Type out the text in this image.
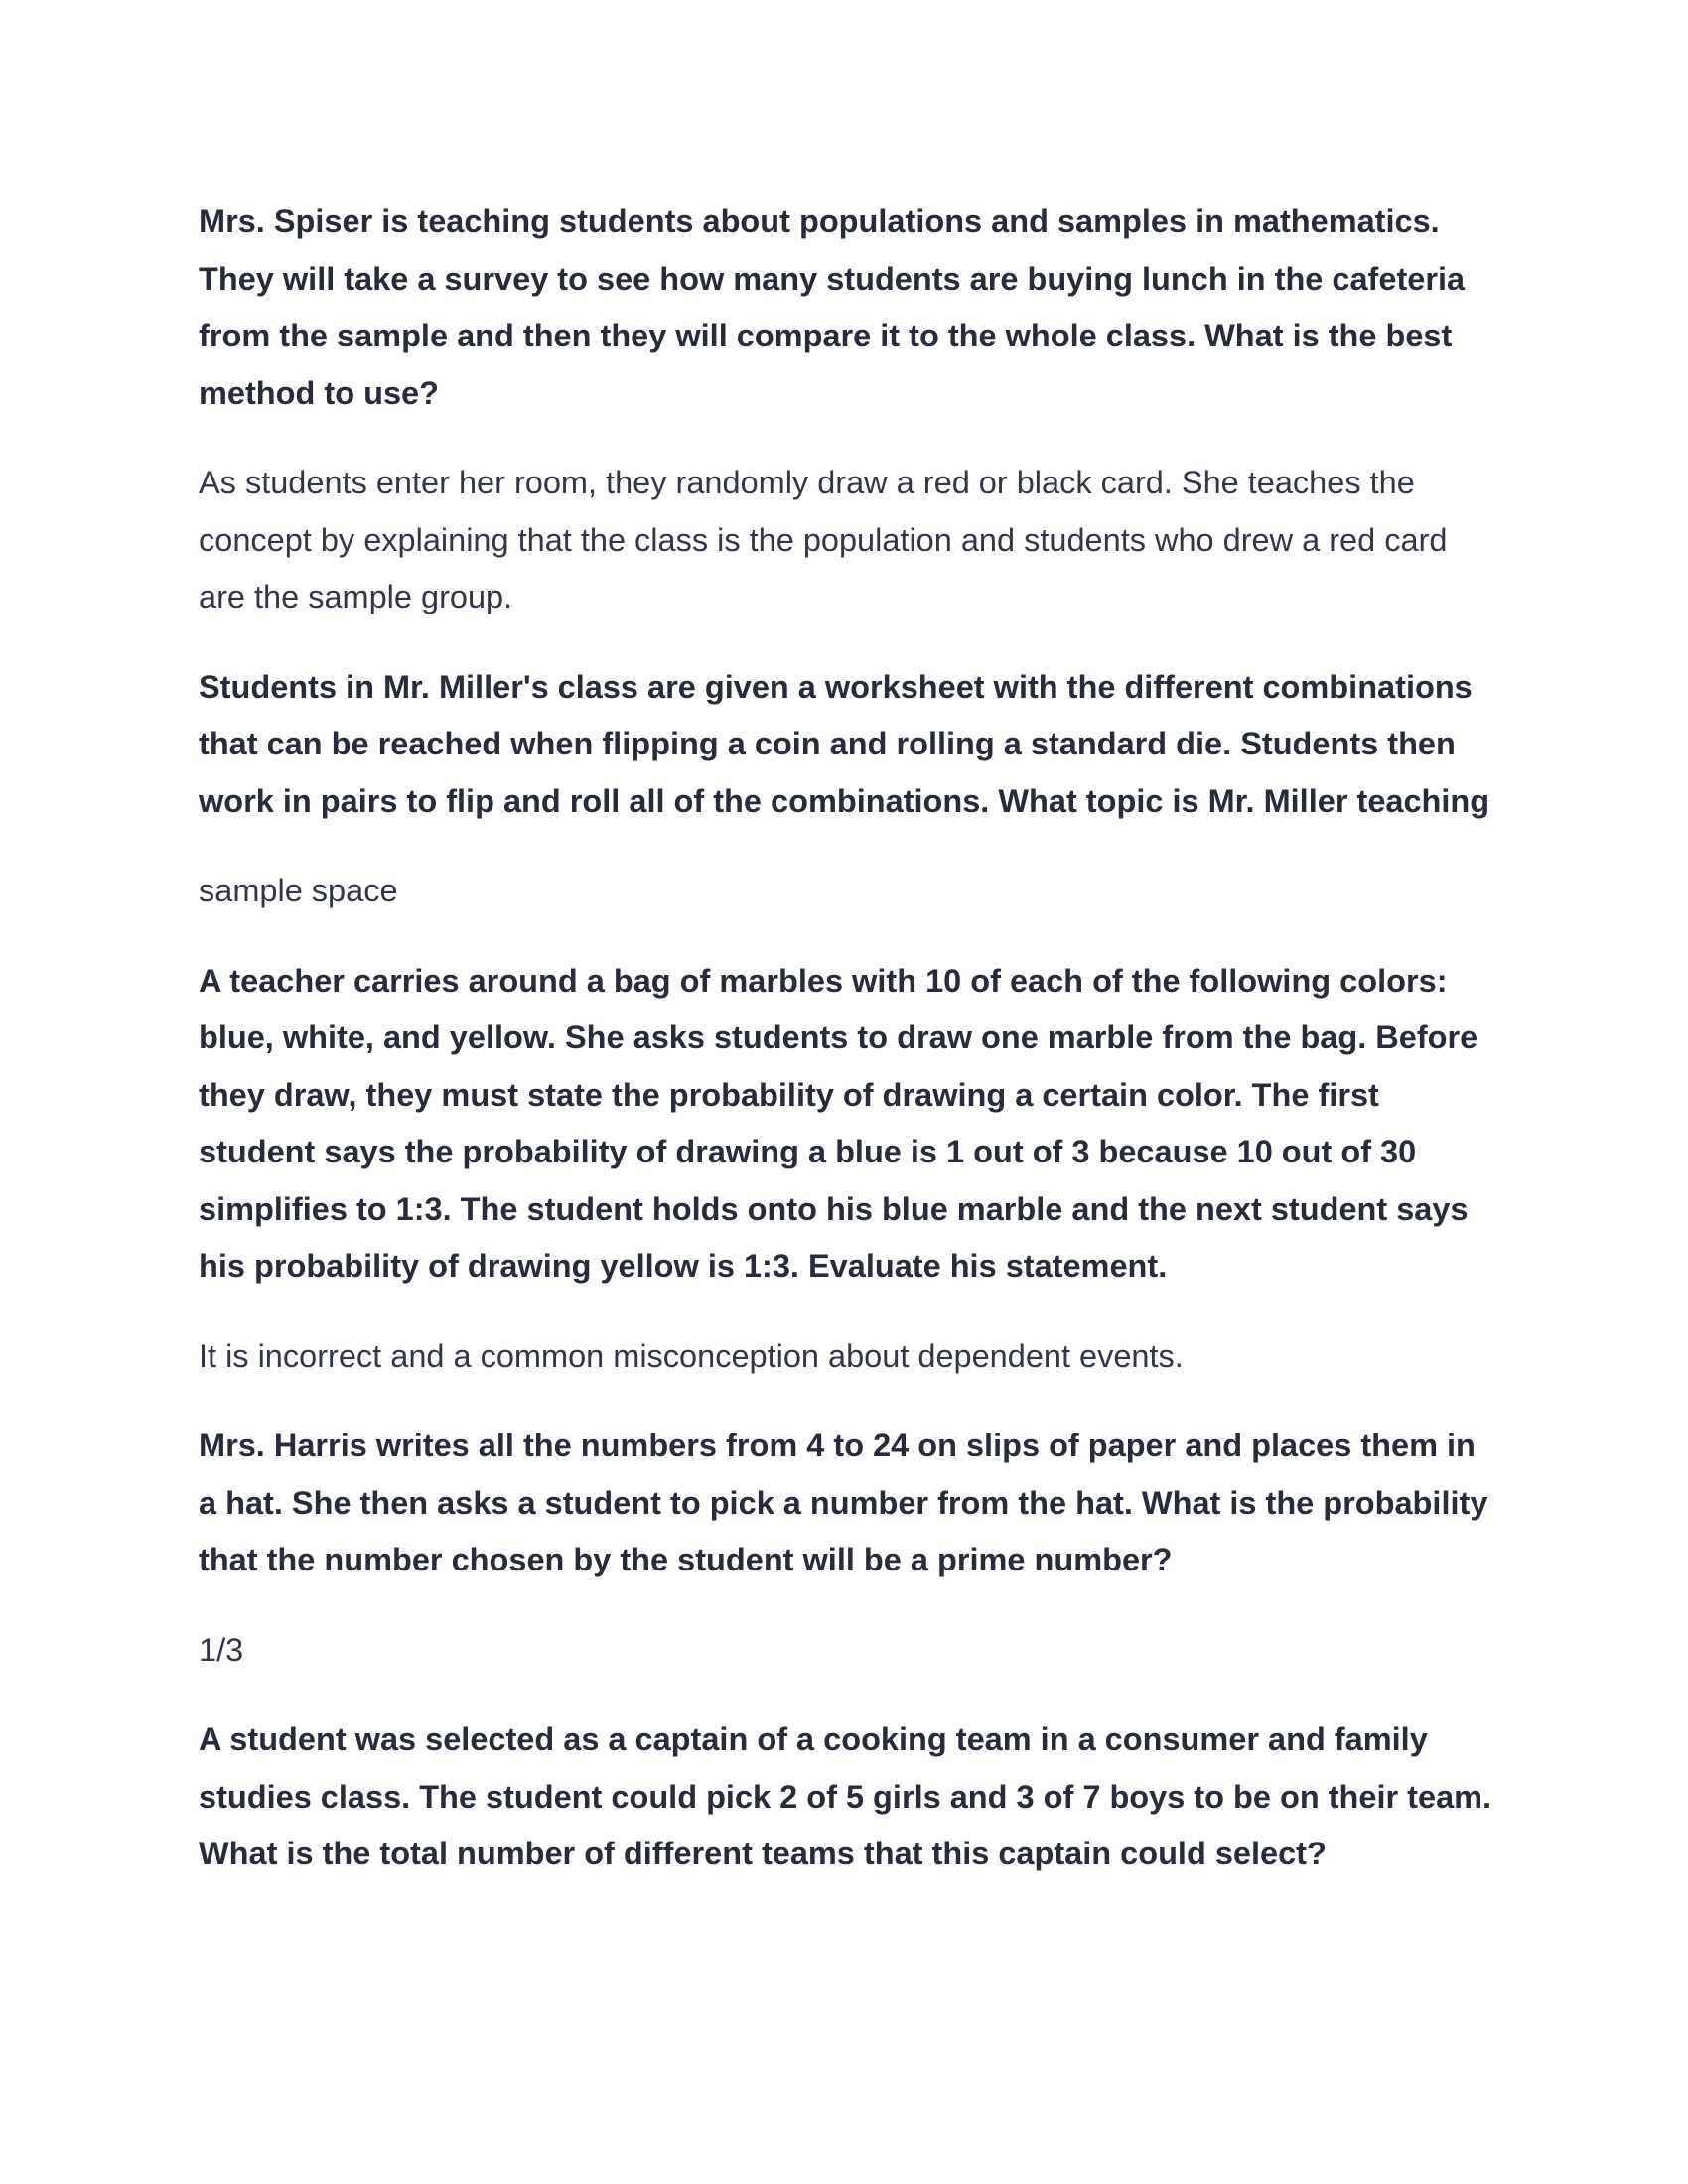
Mrs. Spiser is teaching students about populations and samples in mathematics. They will take a survey to see how many students are buying lunch in the cafeteria from the sample and then they will compare it to the whole class. What is the best method to use?

As students enter her room, they randomly draw a red or black card. She teaches the concept by explaining that the class is the population and students who drew a red card are the sample group.

Students in Mr. Miller's class are given a worksheet with the different combinations that can be reached when flipping a coin and rolling a standard die. Students then work in pairs to flip and roll all of the combinations. What topic is Mr. Miller teaching

sample space

A teacher carries around a bag of marbles with 10 of each of the following colors: blue, white, and yellow. She asks students to draw one marble from the bag. Before they draw, they must state the probability of drawing a certain color. The first student says the probability of drawing a blue is 1 out of 3 because 10 out of 30 simplifies to 1:3. The student holds onto his blue marble and the next student says his probability of drawing yellow is 1:3. Evaluate his statement.

It is incorrect and a common misconception about dependent events.

Mrs. Harris writes all the numbers from 4 to 24 on slips of paper and places them in a hat. She then asks a student to pick a number from the hat. What is the probability that the number chosen by the student will be a prime number?

1/3

A student was selected as a captain of a cooking team in a consumer and family studies class. The student could pick 2 of 5 girls and 3 of 7 boys to be on their team. What is the total number of different teams that this captain could select?
